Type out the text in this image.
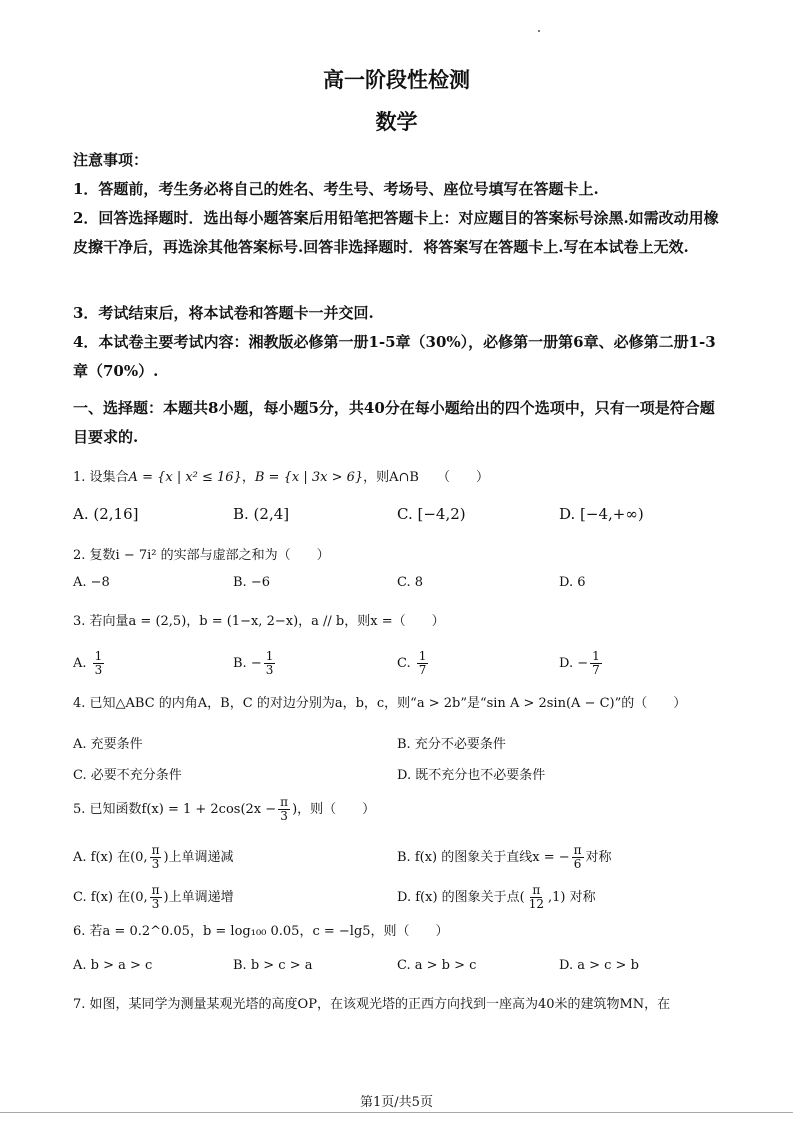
高一阶段性检测
数学
注意事项：
1．答题前，考生务必将自己的姓名、考生号、考场号、座位号填写在答题卡上.
2．回答选择题时．选出每小题答案后用铅笔把答题卡上：对应题目的答案标号涂黑.如需改动用橡皮擦干净后，再选涂其他答案标号.回答非选择题时．将答案写在答题卡上.写在本试卷上无效.
3．考试结束后，将本试卷和答题卡一并交回.
4．本试卷主要考试内容：湘教版必修第一册1-5章（30%），必修第一册第6章、必修第二册1-3章（70%）.
一、选择题：本题共8小题，每小题5分，共40分在每小题给出的四个选项中，只有一项是符合题目要求的.
1. 设集合A = {x | x² ≤ 16}，B = {x | 3x > 6}，则A∩B （　　）
A. (2,16]	B. (2,4]	C. [−4,2)	D. [−4,+∞)
2. 复数i − 7i² 的实部与虚部之和为（　　）
A. −8	B. −6	C. 8	D. 6
3. 若向量a = (2,5)，b = (1−x, 2−x)，a // b，则x =（　　）
A. $\frac{1}{3}$	B. − $\frac{1}{3}$	C. $\frac{1}{7}$	D. − $\frac{1}{7}$
4. 已知△ABC 的内角A，B，C 的对边分别为a，b，c，则“a > 2b”是“sin A > 2sin(A − C)”的（　　）
A. 充要条件	B. 充分不必要条件
C. 必要不充分条件	D. 既不充分也不必要条件
5. 已知函数$f(x) = 1 + 2\cos(2x - \frac{\pi}{3}$ )，则（　　）
A. f(x) 在(0, $\frac{\pi}{3}$ )上单调递减	B. f(x) 的图象关于直线x = − $\frac{\pi}{6}$ 对称
C. f(x) 在(0, $\frac{\pi}{3}$ )上单调递增	D. f(x) 的图象关于点( $\frac{\pi}{12} ,1$) 对称
6. 若a = 0.2^0.05，b = log₁₀₀ 0.05，c = −lg5，则（　　）
A. b > a > c	B. b > c > a	C. a > b > c	D. a > c > b
7. 如图，某同学为测量某观光塔的高度OP，在该观光塔的正西方向找到一座高为40米的建筑物MN，在
第1页/共5页
